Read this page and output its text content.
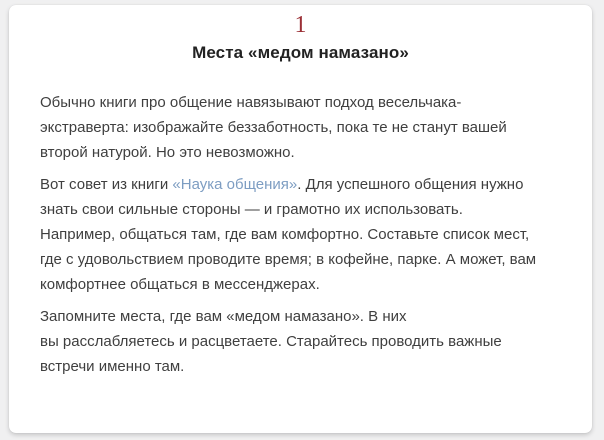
1
Места «медом намазано»

Обычно книги про общение навязывают подход весельчака-
экстраверта: изображайте беззаботность, пока те не станут вашей
второй натурой. Но это невозможно.

Вот совет из книги «Наука общения». Для успешного общения нужно
знать свои сильные стороны — и грамотно их использовать.
Например, общаться там, где вам комфортно. Составьте список мест,
где с удовольствием проводите время; в кофейне, парке. А может, вам
комфортнее общаться в мессенджерах.

Запомните места, где вам «медом намазано». В них
вы расслабляетесь и расцветаете. Старайтесь проводить важные
встречи именно там.
